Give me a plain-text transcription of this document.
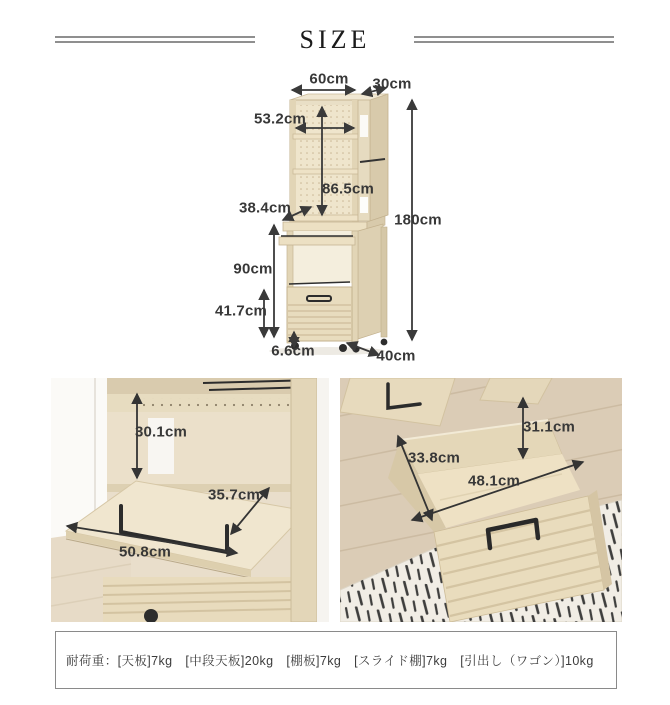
SIZE
60cm 30cm
53.2cm
86.5cm
38.4cm
180cm
90cm
41.7cm
6.6cm	40cm
30.1cm
35.7cm
50.8cm
31.1cm
33.8cm
48.1cm
耐荷重：[天板]7kg　[中段天板]20kg　[棚板]7kg　[スライド棚]7kg　[引出し（ワゴン）]10kg
